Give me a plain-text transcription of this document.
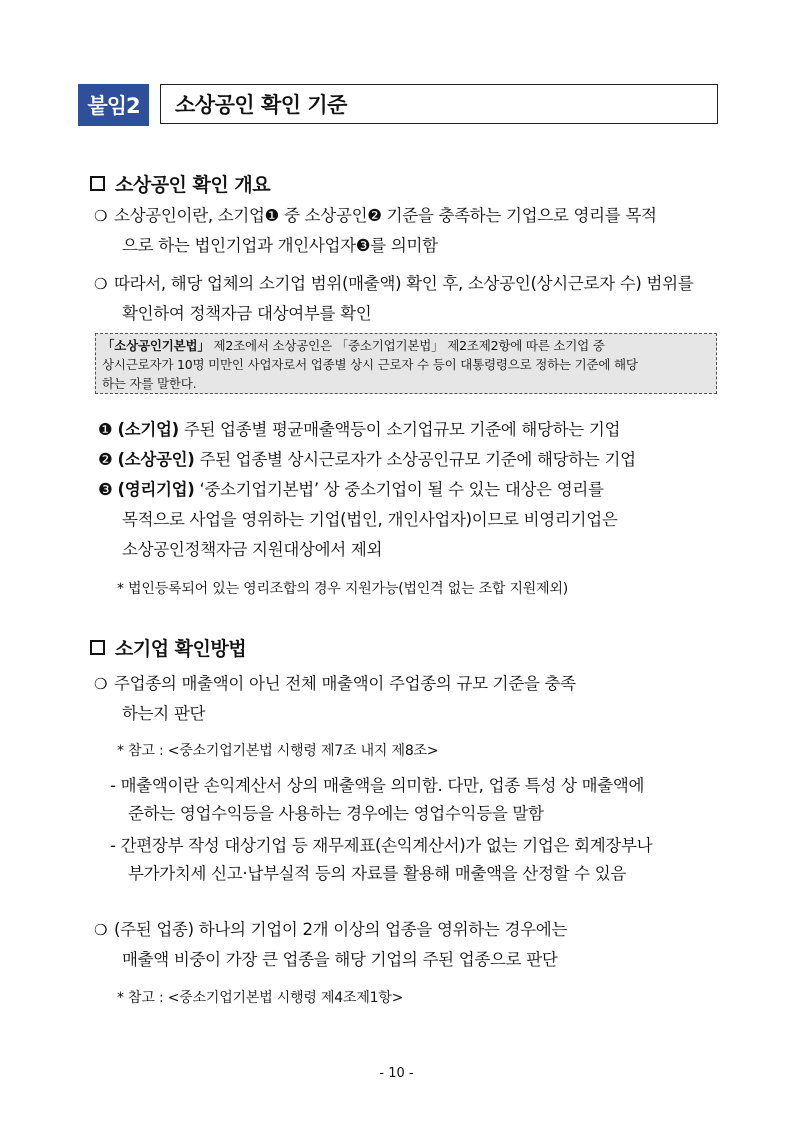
붙임2	소상공인 확인 기준
소상공인 확인 개요
❍ 소상공인이란, 소기업❶ 중 소상공인❷ 기준을 충족하는 기업으로 영리를 목적
으로 하는 법인기업과 개인사업자❸를 의미함
❍ 따라서, 해당 업체의 소기업 범위(매출액) 확인 후, 소상공인(상시근로자 수) 범위를
확인하여 정책자금 대상여부를 확인
「소상공인기본법」 제2조에서 소상공인은 「중소기업기본법」 제2조제2항에 따른 소기업 중
상시근로자가 10명 미만인 사업자로서 업종별 상시 근로자 수 등이 대통령령으로 정하는 기준에 해당
하는 자를 말한다.
❶ (소기업) 주된 업종별 평균매출액등이 소기업규모 기준에 해당하는 기업
❷ (소상공인) 주된 업종별 상시근로자가 소상공인규모 기준에 해당하는 기업
❸ (영리기업) ‘중소기업기본법’ 상 중소기업이 될 수 있는 대상은 영리를
목적으로 사업을 영위하는 기업(법인, 개인사업자)이므로 비영리기업은
소상공인정책자금 지원대상에서 제외
* 법인등록되어 있는 영리조합의 경우 지원가능(법인격 없는 조합 지원제외)
소기업 확인방법
❍ 주업종의 매출액이 아닌 전체 매출액이 주업종의 규모 기준을 충족
하는지 판단
* 참고 : <중소기업기본법 시행령 제7조 내지 제8조>
- 매출액이란 손익계산서 상의 매출액을 의미함. 다만, 업종 특성 상 매출액에
준하는 영업수익등을 사용하는 경우에는 영업수익등을 말함
- 간편장부 작성 대상기업 등 재무제표(손익계산서)가 없는 기업은 회계장부나
부가가치세 신고·납부실적 등의 자료를 활용해 매출액을 산정할 수 있음
❍ (주된 업종) 하나의 기업이 2개 이상의 업종을 영위하는 경우에는
매출액 비중이 가장 큰 업종을 해당 기업의 주된 업종으로 판단
* 참고 : <중소기업기본법 시행령 제4조제1항>
- 10 -
